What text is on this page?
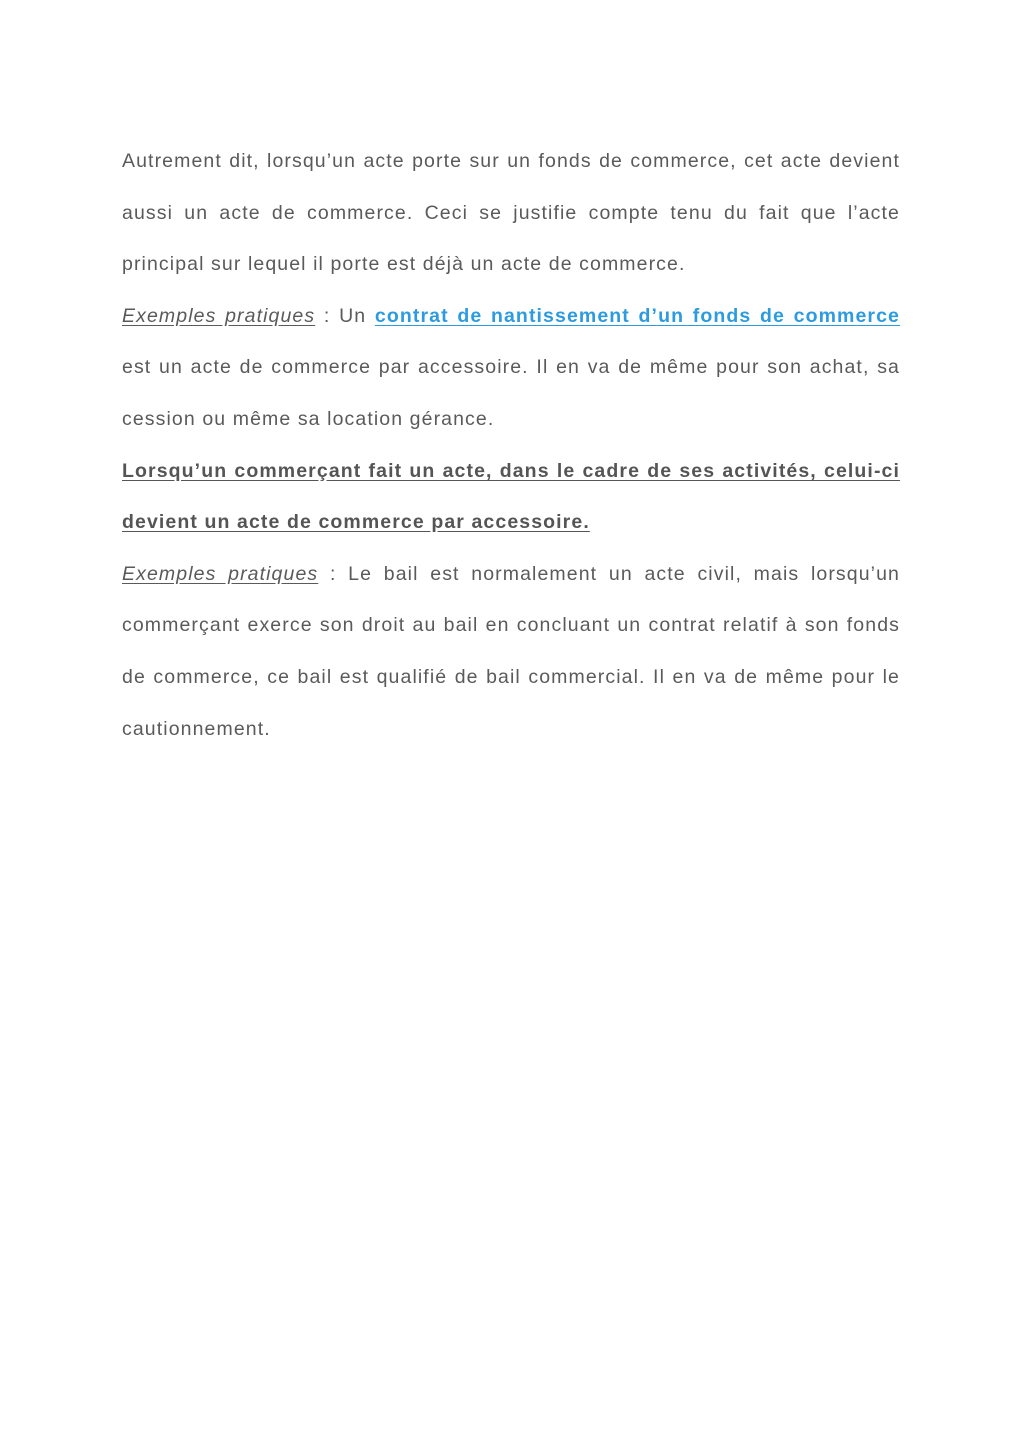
Autrement dit, lorsqu’un acte porte sur un fonds de commerce, cet acte devient aussi un acte de commerce. Ceci se justifie compte tenu du fait que l’acte principal sur lequel il porte est déjà un acte de commerce.

Exemples pratiques : Un contrat de nantissement d’un fonds de commerce est un acte de commerce par accessoire. Il en va de même pour son achat, sa cession ou même sa location gérance.

Lorsqu’un commerçant fait un acte, dans le cadre de ses activités, celui-ci devient un acte de commerce par accessoire.

Exemples pratiques : Le bail est normalement un acte civil, mais lorsqu’un commerçant exerce son droit au bail en concluant un contrat relatif à son fonds de commerce, ce bail est qualifié de bail commercial. Il en va de même pour le cautionnement.
